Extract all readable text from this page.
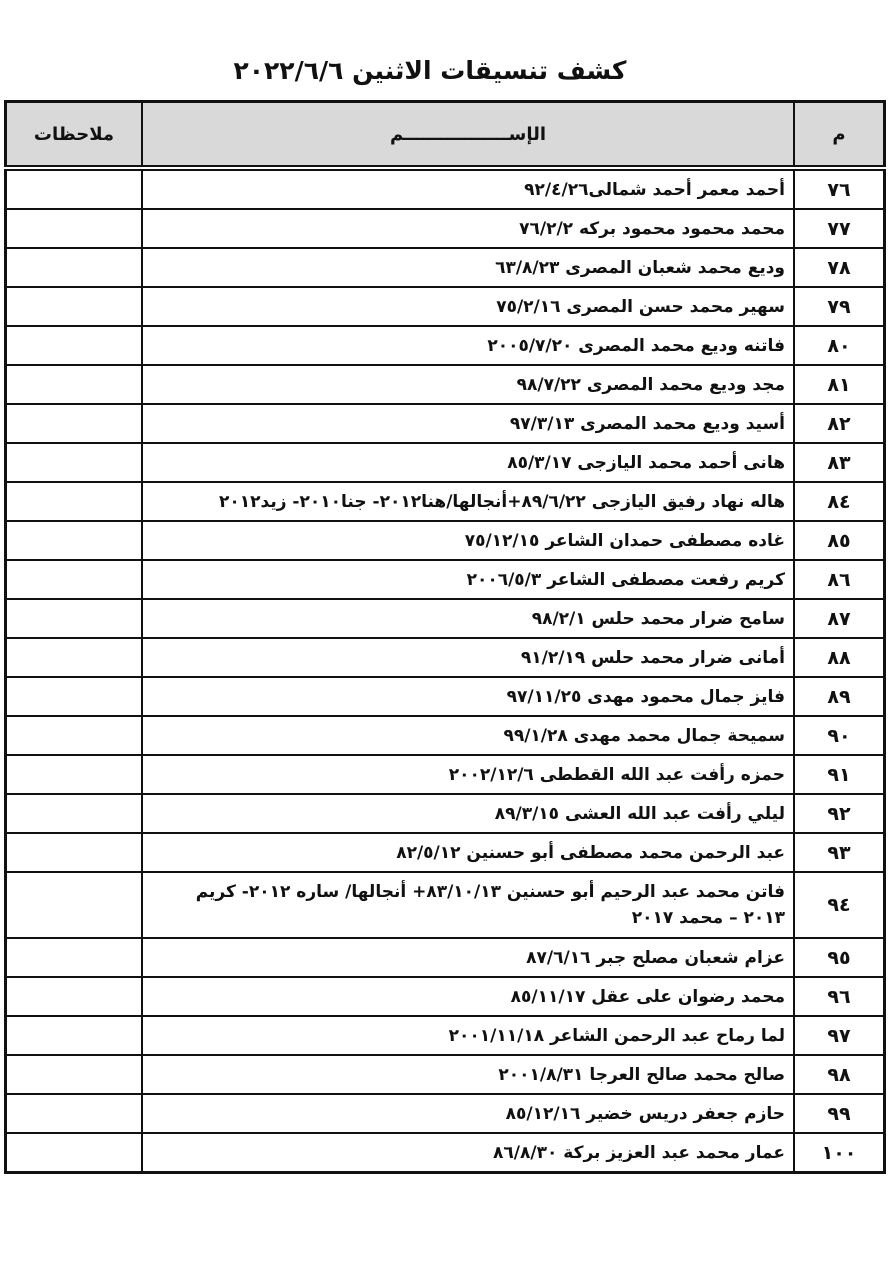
كشف تنسيقات الاثنين ٢٠٢٢/٦/٦
م	الإســـــــــــــــــم	ملاحظات
٧٦	أحمد معمر أحمد شمالى٩٢/٤/٢٦	
٧٧	محمد محمود محمود بركه ٧٦/٢/٢	
٧٨	وديع محمد شعبان المصرى ٦٣/٨/٢٣	
٧٩	سهير محمد حسن المصرى ٧٥/٢/١٦	
٨٠	فاتنه وديع محمد المصرى ٢٠٠٥/٧/٢٠	
٨١	مجد وديع محمد المصرى ٩٨/٧/٢٢	
٨٢	أسيد وديع محمد المصرى ٩٧/٣/١٣	
٨٣	هانى أحمد محمد اليازجى ٨٥/٣/١٧	
٨٤	هاله نهاد رفيق اليازجى ٨٩/٦/٢٢+أنجالها/هنا٢٠١٢- جنا٢٠١٠- زيد٢٠١٢	
٨٥	غاده مصطفى حمدان الشاعر ٧٥/١٢/١٥	
٨٦	كريم رفعت مصطفى الشاعر ٢٠٠٦/٥/٣	
٨٧	سامح ضرار محمد حلس ٩٨/٢/١	
٨٨	أمانى ضرار محمد حلس ٩١/٢/١٩	
٨٩	فايز جمال محمود مهدى ٩٧/١١/٢٥	
٩٠	سميحة جمال محمد مهدى ٩٩/١/٢٨	
٩١	حمزه رأفت عبد الله القططى ٢٠٠٢/١٢/٦	
٩٢	ليلي رأفت عبد الله العشى ٨٩/٣/١٥	
٩٣	عبد الرحمن محمد مصطفى أبو حسنين ٨٢/٥/١٢	
٩٤	فاتن محمد عبد الرحيم أبو حسنين ٨٣/١٠/١٣+ أنجالها/ ساره ٢٠١٢- كريم ٢٠١٣ – محمد ٢٠١٧	
٩٥	عزام شعبان مصلح جبر ٨٧/٦/١٦	
٩٦	محمد رضوان على عقل ٨٥/١١/١٧	
٩٧	لما رماح عبد الرحمن الشاعر ٢٠٠١/١١/١٨	
٩٨	صالح محمد صالح العرجا ٢٠٠١/٨/٣١	
٩٩	حازم جعفر دريس خضير ٨٥/١٢/١٦	
١٠٠	عمار محمد عبد العزيز بركة ٨٦/٨/٣٠	
